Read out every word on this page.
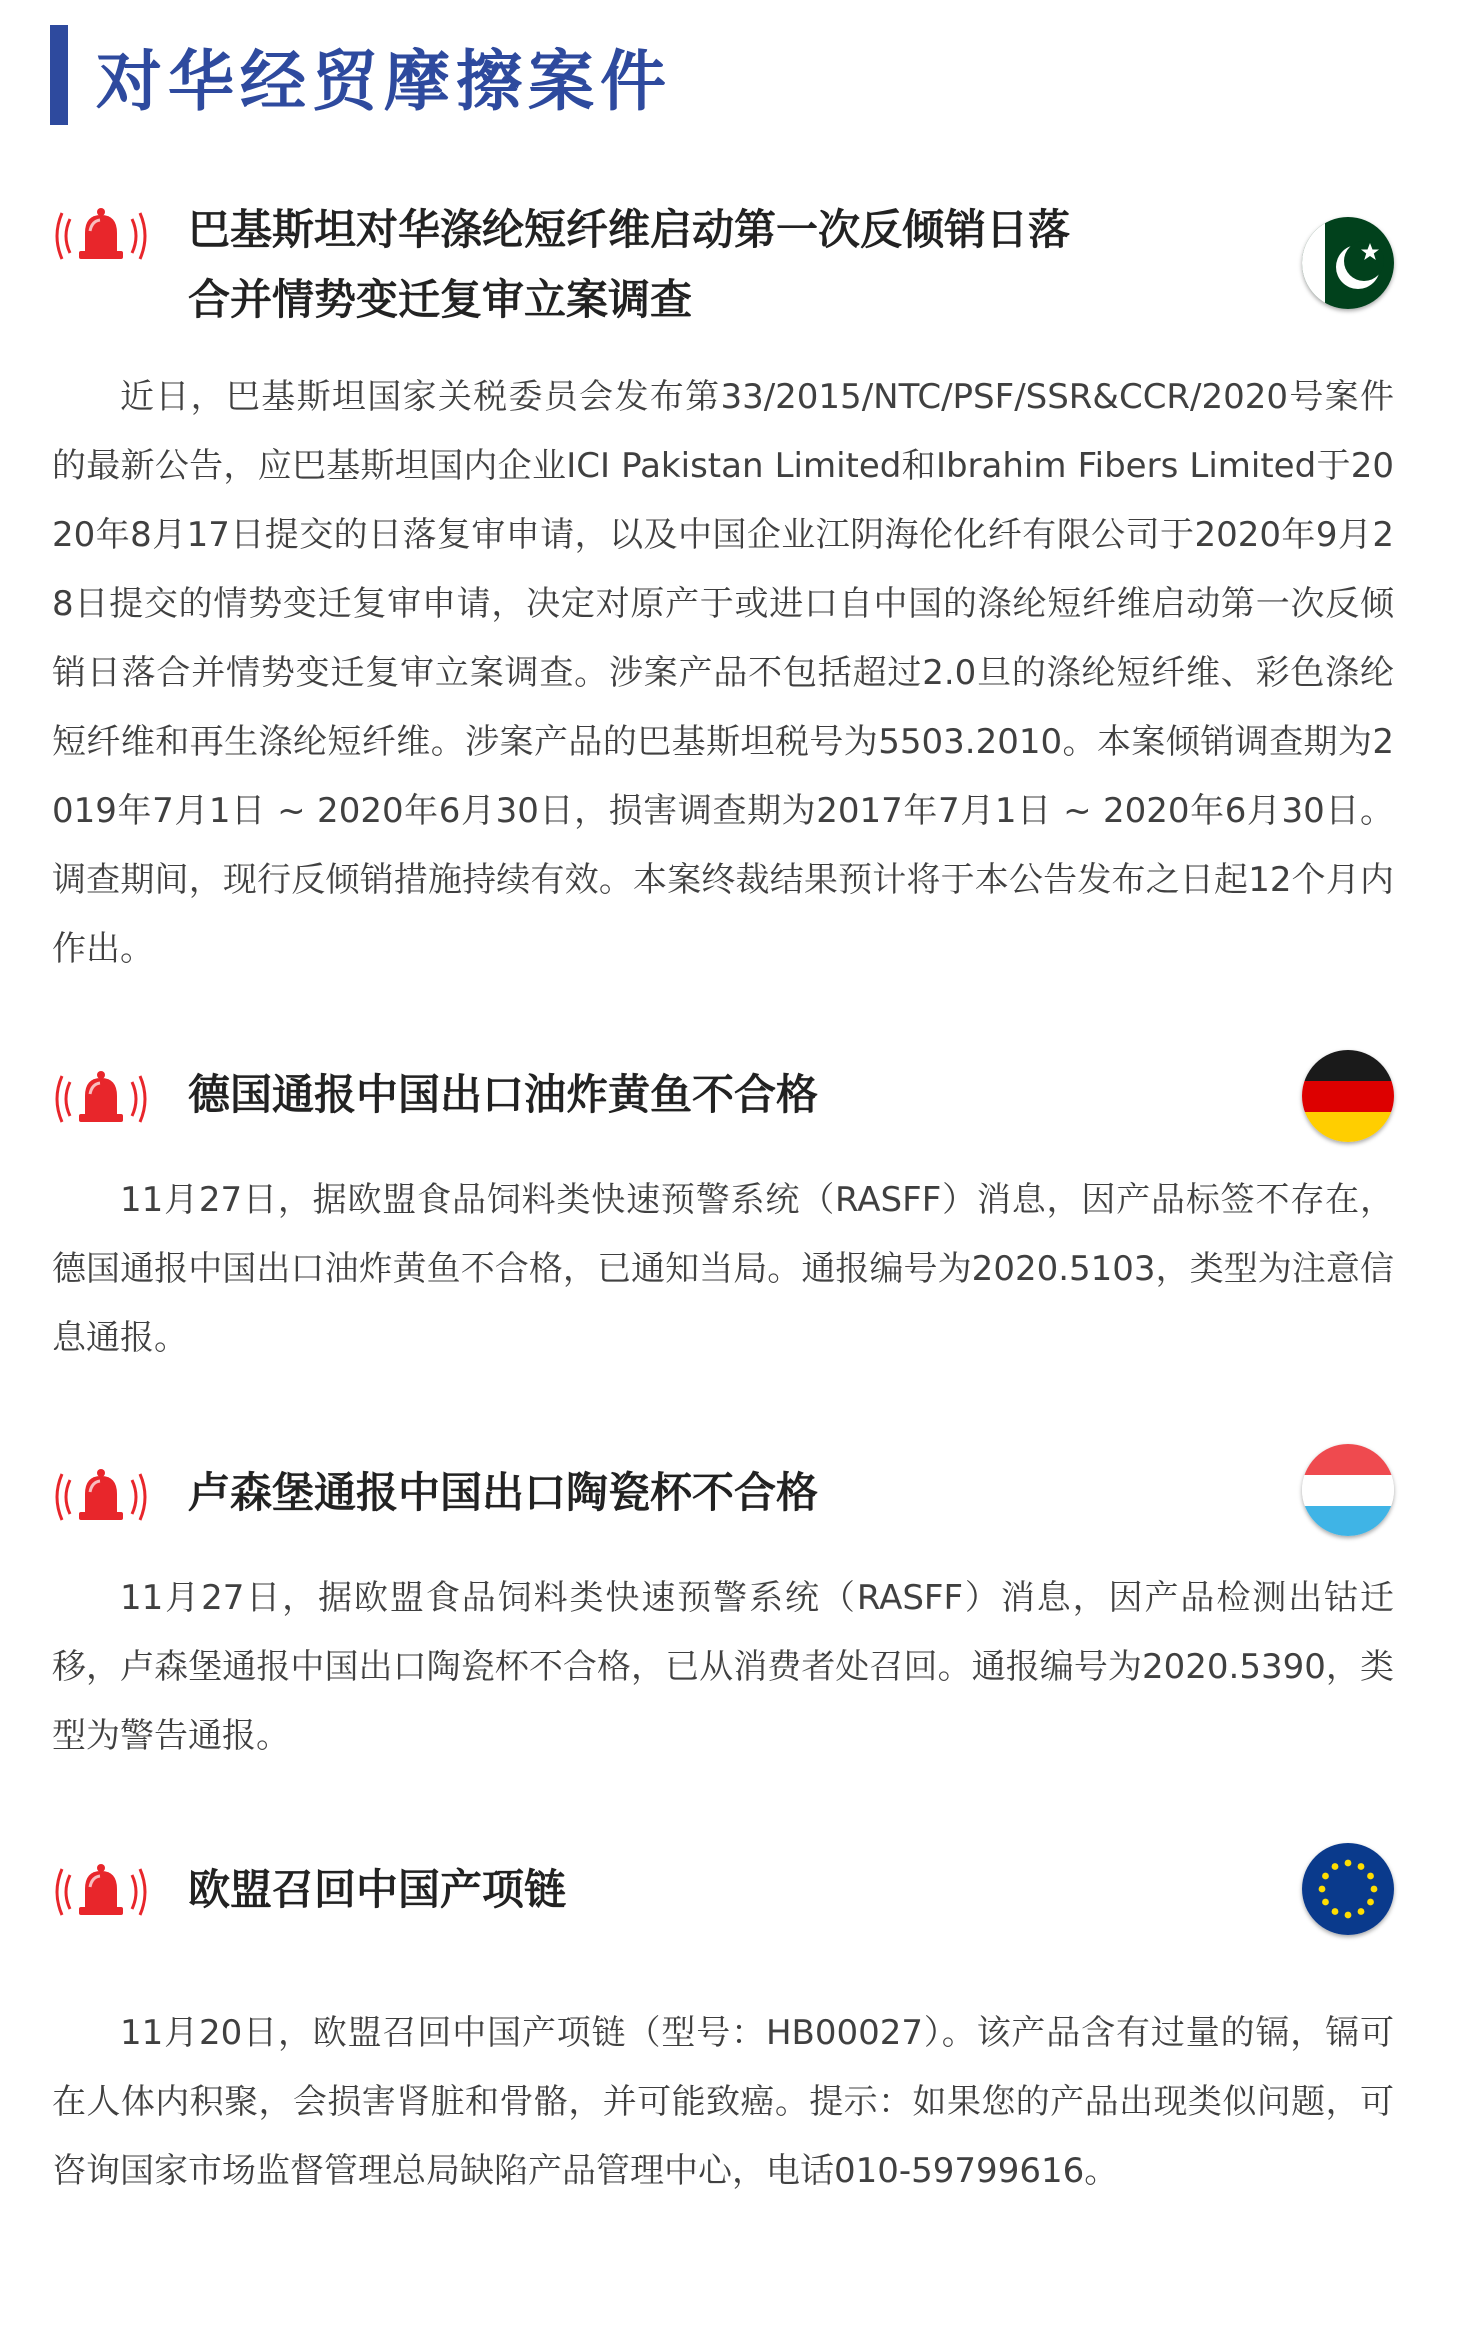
对华经贸摩擦案件
巴基斯坦对华涤纶短纤维启动第一次反倾销日落
合并情势变迁复审立案调查

近日，巴基斯坦国家关税委员会发布第33/2015/NTC/PSF/SSR&CCR/2020号案件的最新公告，应巴基斯坦国内企业ICI Pakistan Limited和Ibrahim Fibers Limited于2020年8月17日提交的日落复审申请，以及中国企业江阴海伦化纤有限公司于2020年9月28日提交的情势变迁复审申请，决定对原产于或进口自中国的涤纶短纤维启动第一次反倾销日落合并情势变迁复审立案调查。涉案产品不包括超过2.0旦的涤纶短纤维、彩色涤纶短纤维和再生涤纶短纤维。涉案产品的巴基斯坦税号为5503.2010。本案倾销调查期为2019年7月1日 ~ 2020年6月30日，损害调查期为2017年7月1日 ~ 2020年6月30日。调查期间，现行反倾销措施持续有效。本案终裁结果预计将于本公告发布之日起12个月内作出。

德国通报中国出口油炸黄鱼不合格

11月27日，据欧盟食品饲料类快速预警系统（RASFF）消息，因产品标签不存在，德国通报中国出口油炸黄鱼不合格，已通知当局。通报编号为2020.5103，类型为注意信息通报。

卢森堡通报中国出口陶瓷杯不合格

11月27日，据欧盟食品饲料类快速预警系统（RASFF）消息，因产品检测出钴迁移，卢森堡通报中国出口陶瓷杯不合格，已从消费者处召回。通报编号为2020.5390，类型为警告通报。

欧盟召回中国产项链

11月20日，欧盟召回中国产项链（型号：HB00027）。该产品含有过量的镉，镉可在人体内积聚，会损害肾脏和骨骼，并可能致癌。提示：如果您的产品出现类似问题，可咨询国家市场监督管理总局缺陷产品管理中心，电话010-59799616。
